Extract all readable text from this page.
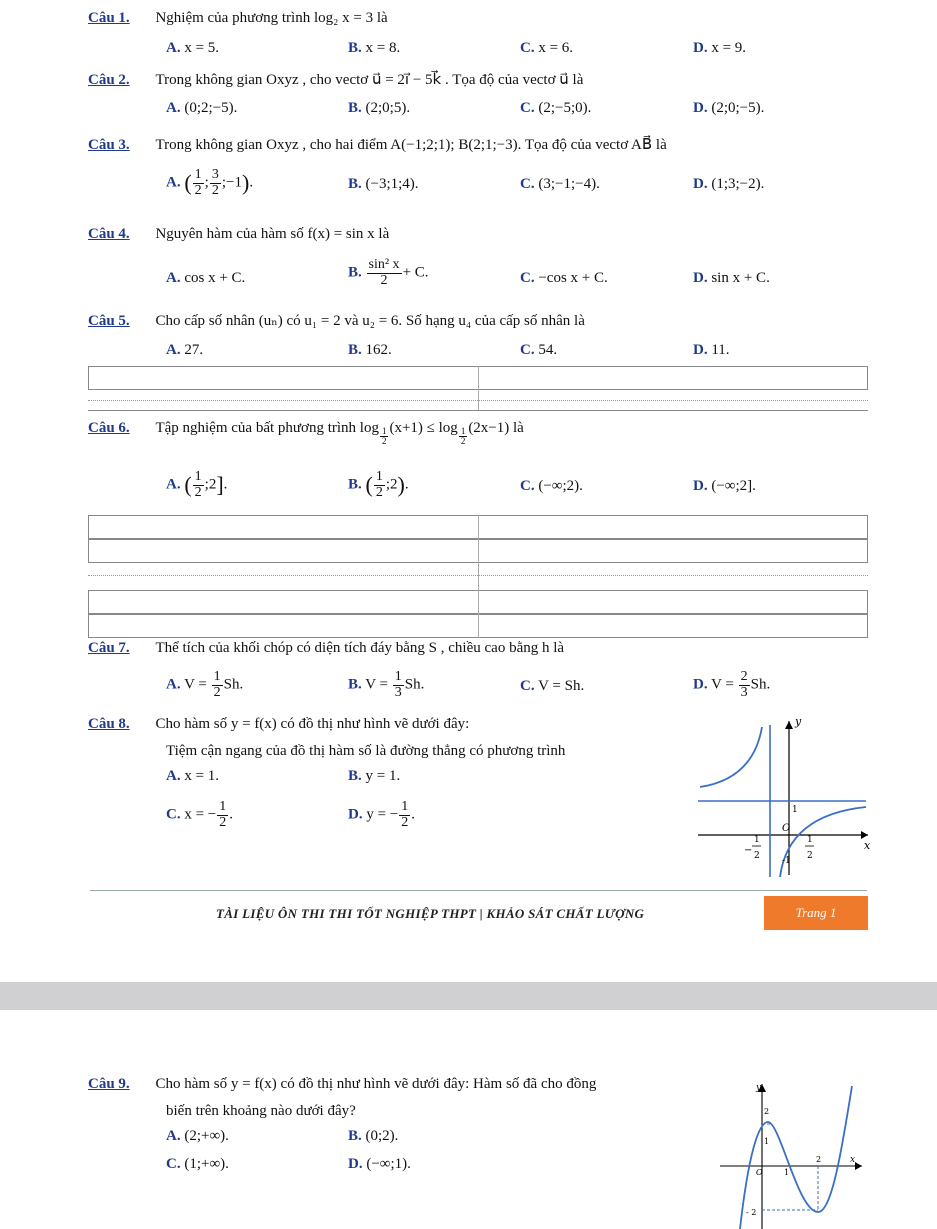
Câu 1. Nghiệm của phương trình log₂ x = 3 là
A. x = 5.	B. x = 8.	C. x = 6.	D. x = 9.
Câu 2. Trong không gian Oxyz , cho vectơ u⃗ = 2i⃗ − 5k⃗ . Tọa độ của vectơ u⃗ là
A. (0;2;−5).	B. (2;0;5).	C. (2;−5;0).	D. (2;0;−5).
Câu 3. Trong không gian Oxyz , cho hai điểm A(−1;2;1); B(2;1;−3). Tọa độ của vectơ AB⃗ là
A. ( $\frac{1}{2}$ ; $\frac{3}{2}$ ;−1).	B. (−3;1;4).	C. (3;−1;−4).	D. (1;3;−2).
Câu 4. Nguyên hàm của hàm số f(x) = sin x là
A. cos x + C.	B. $\frac{\text{sin² x}}{2} + C$.	C. −cos x + C.	D. sin x + C.
Câu 5. Cho cấp số nhân (uₙ) có u₁ = 2 và u₂ = 6. Số hạng u₄ của cấp số nhân là
A. 27.	B. 162.	C. 54.	D. 11.
Câu 6. Tập nghiệm của bất phương trình $\log \frac{1}{2} (x+1) \le \log \frac{1}{2} (2x-1)$ là
A. ( $\frac{1}{2}$ ;2].	B. ( $\frac{1}{2}$ ;2).	C. (−∞;2).	D. (−∞;2].
Câu 7. Thể tích của khối chóp có diện tích đáy bằng S , chiều cao bằng h là
A. $V = \frac{1}{2} Sh$.	B. $V = \frac{1}{3} Sh$.	C. V = Sh.	D. $V = \frac{2}{3} Sh$.
Câu 8. Cho hàm số y = f(x) có đồ thị như hình vẽ dưới đây:
Tiệm cận ngang của đồ thị hàm số là đường thẳng có phương trình
A. x = 1.	B. y = 1.
C. x = − $\frac{1}{2}$ .	D. y = − $\frac{1}{2}$ .
y
x
O
1
-1
−
1
2
1
2
TÀI LIỆU ÔN THI THI TỐT NGHIỆP THPT | KHẢO SÁT CHẤT LƯỢNG	Trang 1
Câu 9. Cho hàm số y = f(x) có đồ thị như hình vẽ dưới đây: Hàm số đã cho đồng
biến trên khoảng nào dưới đây?
A. (2;+∞).	B. (0;2).
C. (1;+∞).	D. (−∞;1).
y
x
O	1
2
2
1
- 2
